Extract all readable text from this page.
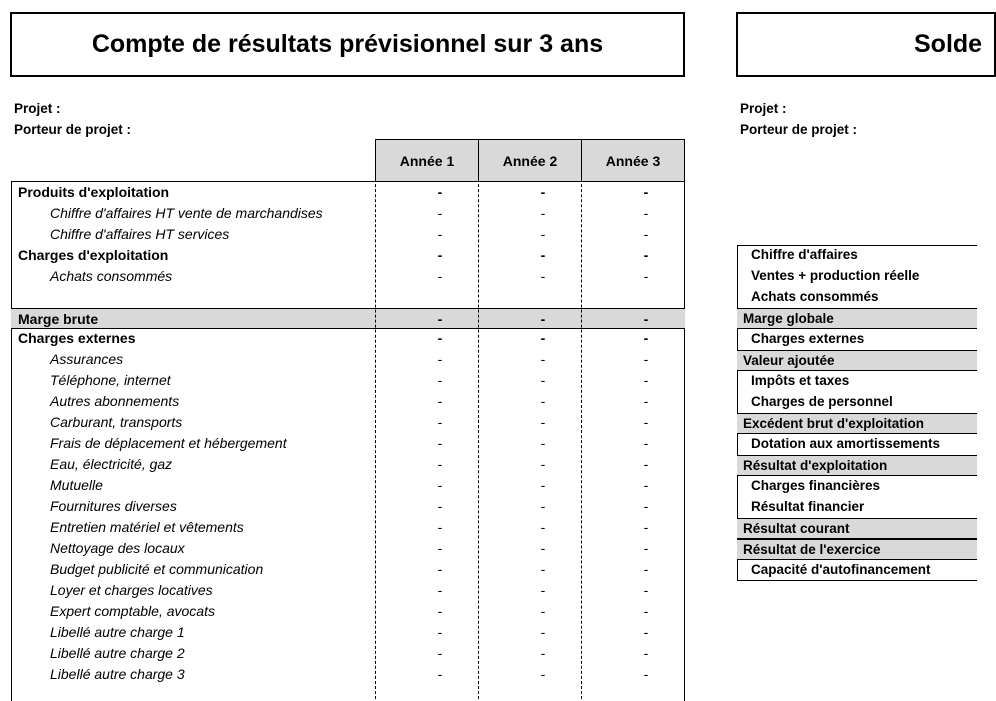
Compte de résultats prévisionnel sur 3 ans
Projet :
Porteur de projet :
Année 1	Année 2	Année 3
Produits d'exploitation	-	-	-
Chiffre d'affaires HT vente de marchandises	-	-	-
Chiffre d'affaires HT services	-	-	-
Charges d'exploitation	-	-	-
Achats consommés	-	-	-
Marge brute	-	-	-
Charges externes	-	-	-
Assurances	-	-	-
Téléphone, internet	-	-	-
Autres abonnements	-	-	-
Carburant, transports	-	-	-
Frais de déplacement et hébergement	-	-	-
Eau, électricité, gaz	-	-	-
Mutuelle	-	-	-
Fournitures diverses	-	-	-
Entretien matériel et vêtements	-	-	-
Nettoyage des locaux	-	-	-
Budget publicité et communication	-	-	-
Loyer et charges locatives	-	-	-
Expert comptable, avocats	-	-	-
Libellé autre charge 1	-	-	-
Libellé autre charge 2	-	-	-
Libellé autre charge 3	-	-	-
Solde
Projet :
Porteur de projet :
Chiffre d'affaires
Ventes + production réelle
Achats consommés
Marge globale
Charges externes
Valeur ajoutée
Impôts et taxes
Charges de personnel
Excédent brut d'exploitation
Dotation aux amortissements
Résultat d'exploitation
Charges financières
Résultat financier
Résultat courant
Résultat de l'exercice
Capacité d'autofinancement
